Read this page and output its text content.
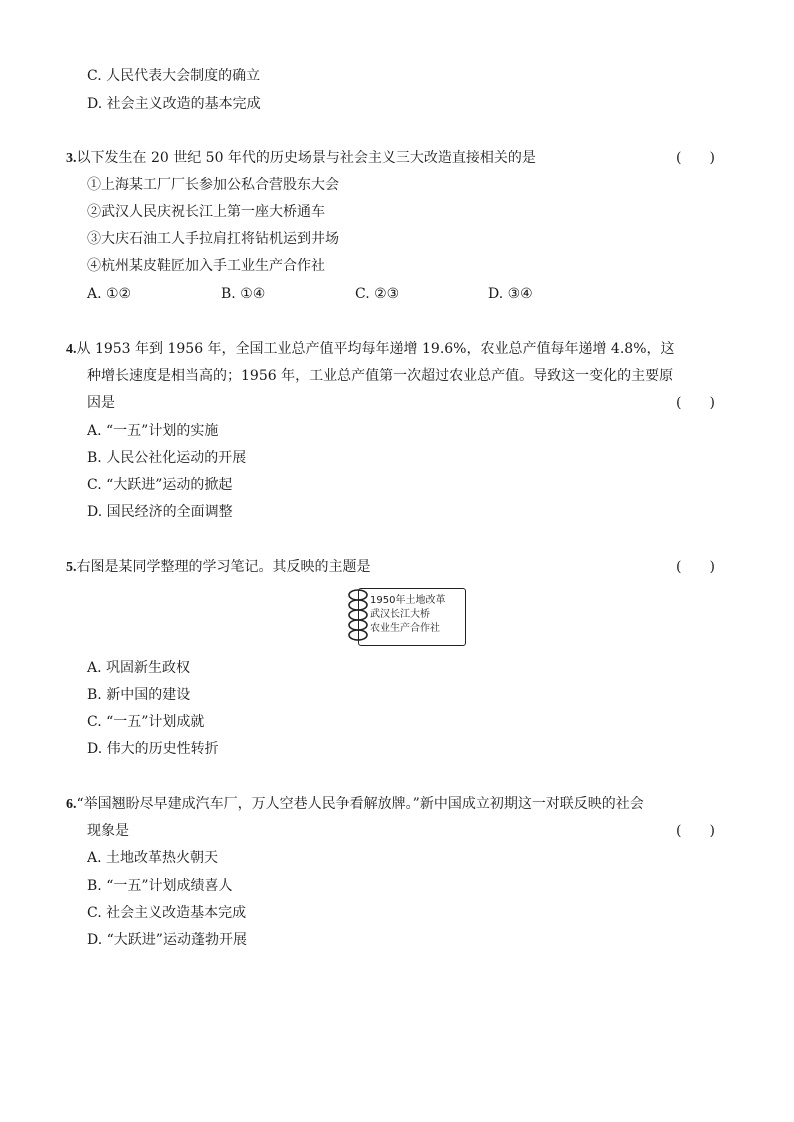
C. 人民代表大会制度的确立
D. 社会主义改造的基本完成
3.以下发生在 20 世纪 50 年代的历史场景与社会主义三大改造直接相关的是	(　　)
①上海某工厂厂长参加公私合营股东大会
②武汉人民庆祝长江上第一座大桥通车
③大庆石油工人手拉肩扛将钻机运到井场
④杭州某皮鞋匠加入手工业生产合作社
A. ①②	B. ①④	C. ②③	D. ③④
4.从 1953 年到 1956 年，全国工业总产值平均每年递增 19.6%，农业总产值每年递增 4.8%，这
种增长速度是相当高的；1956 年，工业总产值第一次超过农业总产值。导致这一变化的主要原
因是	(　　)
A. “一五”计划的实施
B. 人民公社化运动的开展
C. “大跃进”运动的掀起
D. 国民经济的全面调整
5.右图是某同学整理的学习笔记。其反映的主题是	(　　)
1950年土地改革
武汉长江大桥
农业生产合作社
A. 巩固新生政权
B. 新中国的建设
C. “一五”计划成就
D. 伟大的历史性转折
6.“举国翘盼尽早建成汽车厂，万人空巷人民争看解放牌。”新中国成立初期这一对联反映的社会
现象是	(　　)
A. 土地改革热火朝天
B. “一五”计划成绩喜人
C. 社会主义改造基本完成
D. “大跃进”运动蓬勃开展
